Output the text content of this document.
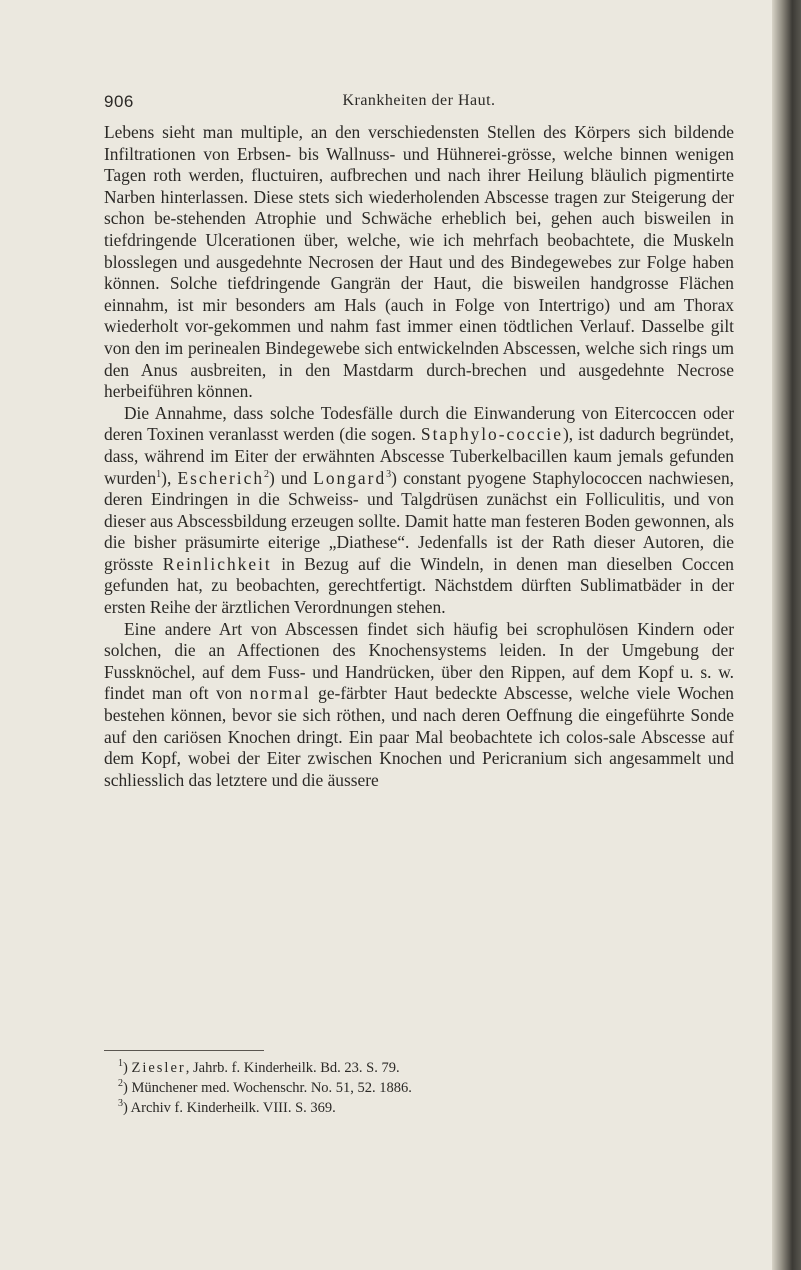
906	Krankheiten der Haut.

Lebens sieht man multiple, an den verschiedensten Stellen des Körpers sich bildende Infiltrationen von Erbsen- bis Wallnuss- und Hühnerei-grösse, welche binnen wenigen Tagen roth werden, fluctuiren, aufbrechen und nach ihrer Heilung bläulich pigmentirte Narben hinterlassen. Diese stets sich wiederholenden Abscesse tragen zur Steigerung der schon be-stehenden Atrophie und Schwäche erheblich bei, gehen auch bisweilen in tiefdringende Ulcerationen über, welche, wie ich mehrfach beobachtete, die Muskeln blosslegen und ausgedehnte Necrosen der Haut und des Bindegewebes zur Folge haben können. Solche tiefdringende Gangrän der Haut, die bisweilen handgrosse Flächen einnahm, ist mir besonders am Hals (auch in Folge von Intertrigo) und am Thorax wiederholt vor-gekommen und nahm fast immer einen tödtlichen Verlauf. Dasselbe gilt von den im perinealen Bindegewebe sich entwickelnden Abscessen, welche sich rings um den Anus ausbreiten, in den Mastdarm durch-brechen und ausgedehnte Necrose herbeiführen können.

Die Annahme, dass solche Todesfälle durch die Einwanderung von Eitercoccen oder deren Toxinen veranlasst werden (die sogen. Staphylo-coccie), ist dadurch begründet, dass, während im Eiter der erwähnten Abscesse Tuberkelbacillen kaum jemals gefunden wurden$^1$), Escherich$^2$) und Longard$^3$) constant pyogene Staphylococcen nachwiesen, deren Eindringen in die Schweiss- und Talgdrüsen zunächst ein Folliculitis, und von dieser aus Abscessbildung erzeugen sollte. Damit hatte man festeren Boden gewonnen, als die bisher präsumirte eiterige „Diathese“. Jedenfalls ist der Rath dieser Autoren, die grösste Reinlichkeit in Bezug auf die Windeln, in denen man dieselben Coccen gefunden hat, zu beobachten, gerechtfertigt. Nächstdem dürften Sublimatbäder in der ersten Reihe der ärztlichen Verordnungen stehen.

Eine andere Art von Abscessen findet sich häufig bei scrophulösen Kindern oder solchen, die an Affectionen des Knochensystems leiden. In der Umgebung der Fussknöchel, auf dem Fuss- und Handrücken, über den Rippen, auf dem Kopf u. s. w. findet man oft von normal ge-färbter Haut bedeckte Abscesse, welche viele Wochen bestehen können, bevor sie sich röthen, und nach deren Oeffnung die eingeführte Sonde auf den cariösen Knochen dringt. Ein paar Mal beobachtete ich colos-sale Abscesse auf dem Kopf, wobei der Eiter zwischen Knochen und Pericranium sich angesammelt und schliesslich das letztere und die äussere

$^1$) Ziesler, Jahrb. f. Kinderheilk. Bd. 23. S. 79.
$^2$) Münchener med. Wochenschr. No. 51, 52. 1886.
$^3$) Archiv f. Kinderheilk. VIII. S. 369.
